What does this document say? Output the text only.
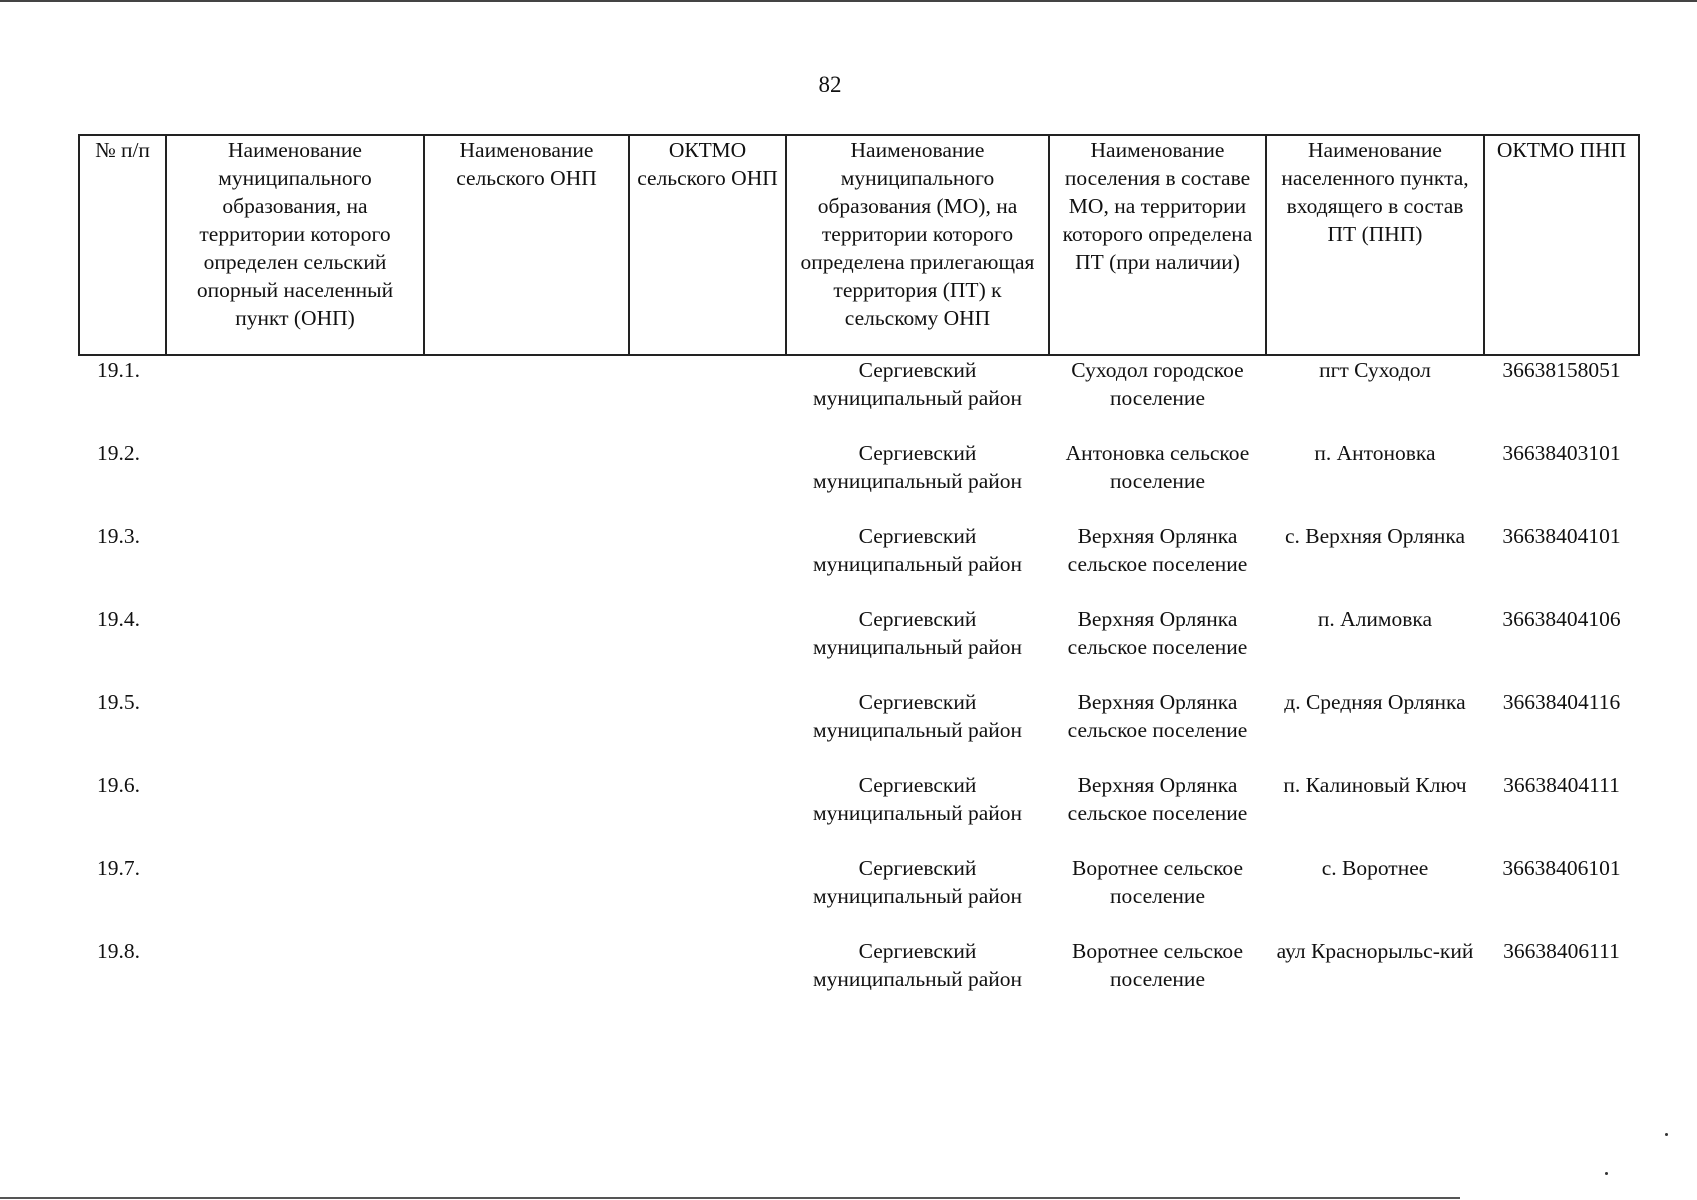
82
№ п/п	Наименование муниципального образования, на территории которого определен сельский опорный населенный пункт (ОНП)	Наименование сельского ОНП	ОКТМО сельского ОНП	Наименование муниципального образования (МО), на территории которого определена прилегающая территория (ПТ) к сельскому ОНП	Наименование поселения в составе МО, на территории которого определена ПТ (при наличии)	Наименование населенного пункта, входящего в состав ПТ (ПНП)	ОКТМО ПНП
19.1.				Сергиевский муниципальный район	Суходол городское поселение	пгт Суходол	36638158051
19.2.				Сергиевский муниципальный район	Антоновка сельское поселение	п. Антоновка	36638403101
19.3.				Сергиевский муниципальный район	Верхняя Орлянка сельское поселение	с. Верхняя Орлянка	36638404101
19.4.				Сергиевский муниципальный район	Верхняя Орлянка сельское поселение	п. Алимовка	36638404106
19.5.				Сергиевский муниципальный район	Верхняя Орлянка сельское поселение	д. Средняя Орлянка	36638404116
19.6.				Сергиевский муниципальный район	Верхняя Орлянка сельское поселение	п. Калиновый Ключ	36638404111
19.7.				Сергиевский муниципальный район	Воротнее сельское поселение	с. Воротнее	36638406101
19.8.				Сергиевский муниципальный район	Воротнее сельское поселение	аул Краснорыльс-кий	36638406111
